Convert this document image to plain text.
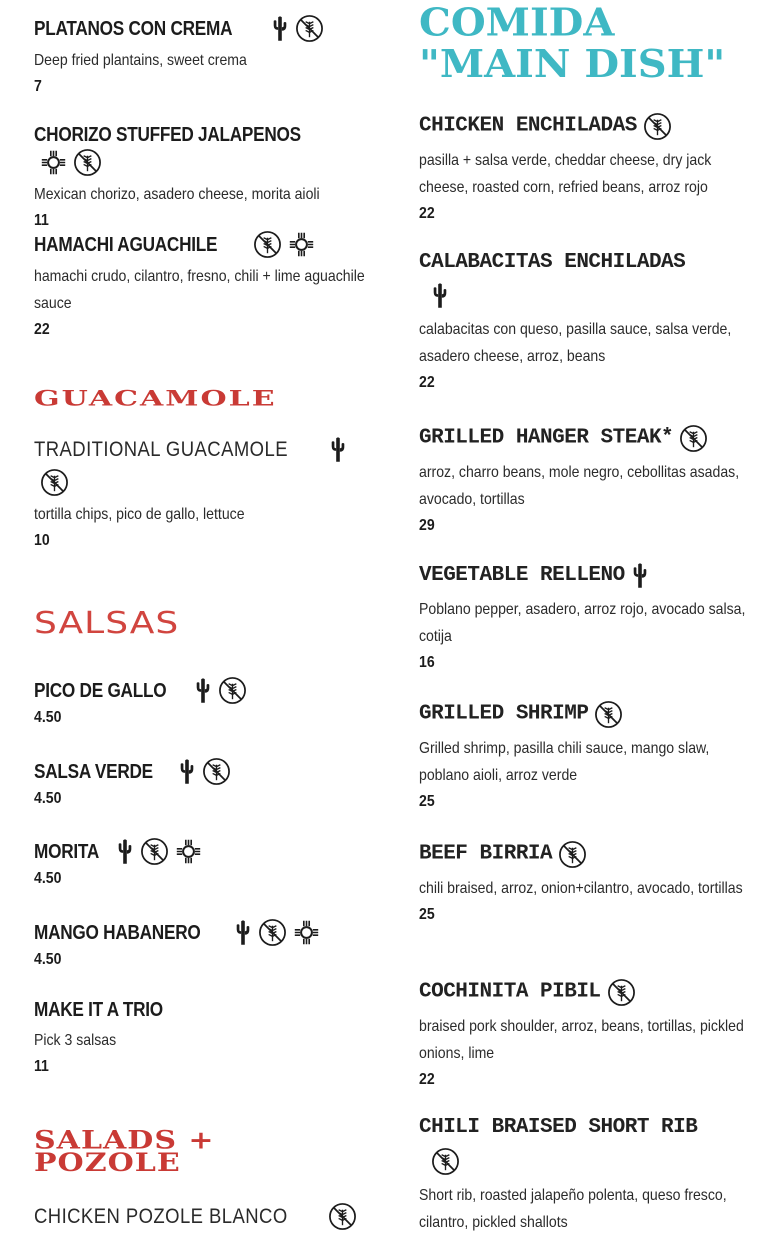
PLATANOS CON CREMA
Deep fried plantains, sweet crema
7
CHORIZO STUFFED JALAPENOS
Mexican chorizo, asadero cheese, morita aioli
11
HAMACHI AGUACHILE
hamachi crudo, cilantro, fresno, chili + lime aguachile sauce
22
GUACAMOLE
TRADITIONAL GUACAMOLE
tortilla chips, pico de gallo, lettuce
10
SALSAS
PICO DE GALLO
4.50
SALSA VERDE
4.50
MORITA
4.50
MANGO HABANERO
4.50
MAKE IT A TRIO
Pick 3 salsas
11
SALADS +
POZOLE
CHICKEN POZOLE BLANCO
COMIDA
"MAIN DISH"
CHICKEN ENCHILADAS
pasilla + salsa verde, cheddar cheese, dry jack cheese, roasted corn, refried beans, arroz rojo
22
CALABACITAS ENCHILADAS
calabacitas con queso, pasilla sauce, salsa verde, asadero cheese, arroz, beans
22
GRILLED HANGER STEAK*
arroz, charro beans, mole negro, cebollitas asadas, avocado, tortillas
29
VEGETABLE RELLENO
Poblano pepper, asadero, arroz rojo, avocado salsa, cotija
16
GRILLED SHRIMP
Grilled shrimp, pasilla chili sauce, mango slaw, poblano aioli, arroz verde
25
BEEF BIRRIA
chili braised, arroz, onion+cilantro, avocado, tortillas
25
COCHINITA PIBIL
braised pork shoulder, arroz, beans, tortillas, pickled onions, lime
22
CHILI BRAISED SHORT RIB
Short rib, roasted jalapeño polenta, queso fresco, cilantro, pickled shallots
